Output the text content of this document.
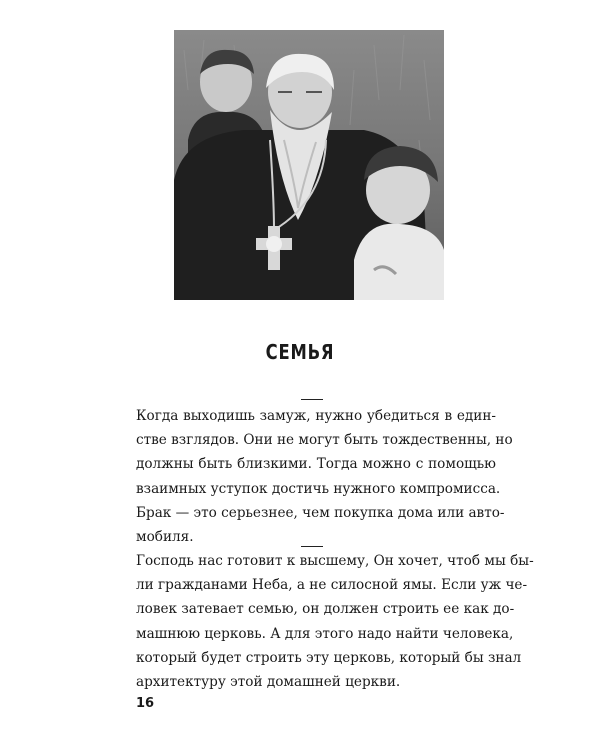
СЕМЬЯ
Когда выходишь замуж, нужно убедиться в един-
стве взглядов. Они не могут быть тождественны, но
должны быть близкими. Тогда можно с помощью
взаимных уступок достичь нужного компромисса.
Брак — это серьезнее, чем покупка дома или авто-
мобиля.
Господь нас готовит к высшему, Он хочет, чтоб мы бы-
ли гражданами Неба, а не силосной ямы. Если уж че-
ловек затевает семью, он должен строить ее как до-
машнюю церковь. А для этого надо найти человека,
который будет строить эту церковь, который бы знал
архитектуру этой домашней церкви.
16
